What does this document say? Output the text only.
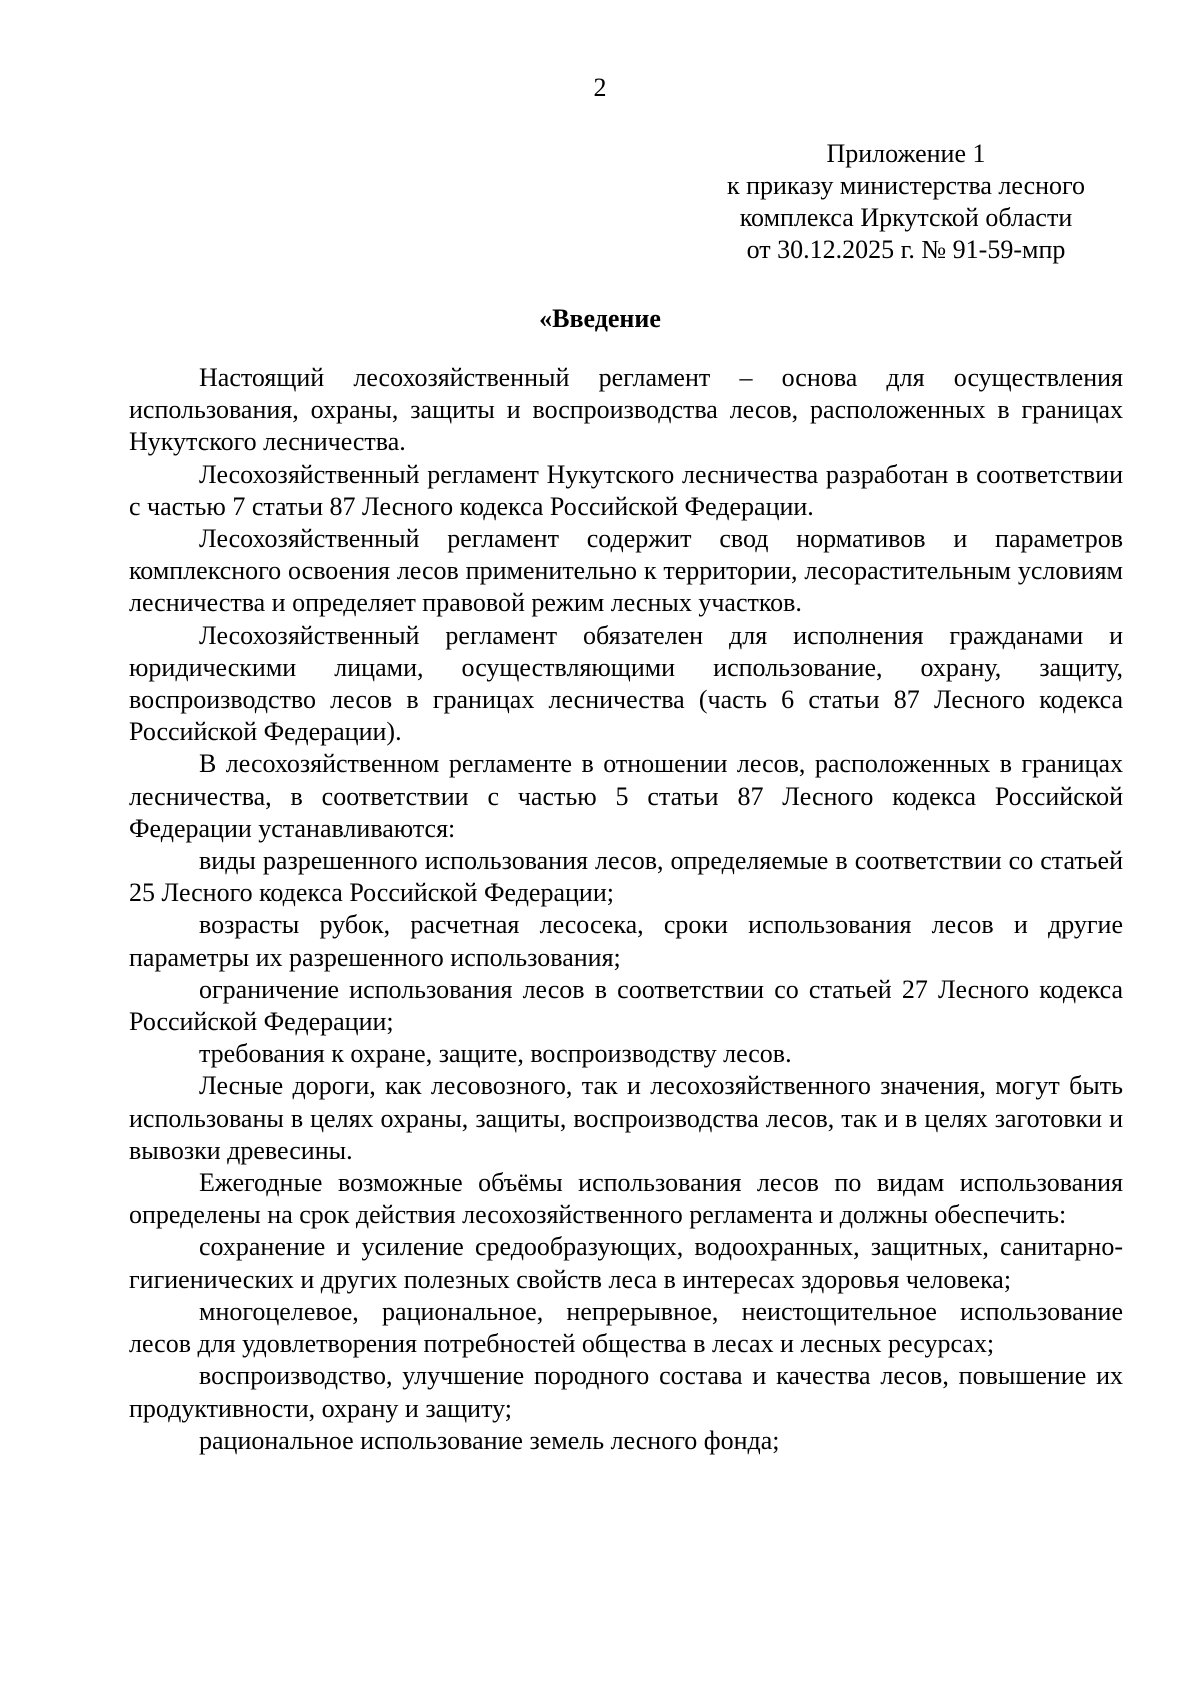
2
Приложение 1
к приказу министерства лесного
комплекса Иркутской области
от 30.12.2025 г. № 91-59-мпр
«Введение

Настоящий лесохозяйственный регламент – основа для осуществления использования, охраны, защиты и воспроизводства лесов, расположенных в границах Нукутского лесничества.

Лесохозяйственный регламент Нукутского лесничества разработан в соответствии с частью 7 статьи 87 Лесного кодекса Российской Федерации.

Лесохозяйственный регламент содержит свод нормативов и параметров комплексного освоения лесов применительно к территории, лесорастительным условиям лесничества и определяет правовой режим лесных участков.

Лесохозяйственный регламент обязателен для исполнения гражданами и юридическими лицами, осуществляющими использование, охрану, защиту, воспроизводство лесов в границах лесничества (часть 6 статьи 87 Лесного кодекса Российской Федерации).

В лесохозяйственном регламенте в отношении лесов, расположенных в границах лесничества, в соответствии с частью 5 статьи 87 Лесного кодекса Российской Федерации устанавливаются:

виды разрешенного использования лесов, определяемые в соответствии со статьей 25 Лесного кодекса Российской Федерации;

возрасты рубок, расчетная лесосека, сроки использования лесов и другие параметры их разрешенного использования;

ограничение использования лесов в соответствии со статьей 27 Лесного кодекса Российской Федерации;

требования к охране, защите, воспроизводству лесов.

Лесные дороги, как лесовозного, так и лесохозяйственного значения, могут быть использованы в целях охраны, защиты, воспроизводства лесов, так и в целях заготовки и вывозки древесины.

Ежегодные возможные объёмы использования лесов по видам использования определены на срок действия лесохозяйственного регламента и должны обеспечить:

сохранение и усиление средообразующих, водоохранных, защитных, санитарно-гигиенических и других полезных свойств леса в интересах здоровья человека;

многоцелевое, рациональное, непрерывное, неистощительное использование лесов для удовлетворения потребностей общества в лесах и лесных ресурсах;

воспроизводство, улучшение породного состава и качества лесов, повышение их продуктивности, охрану и защиту;

рациональное использование земель лесного фонда;
